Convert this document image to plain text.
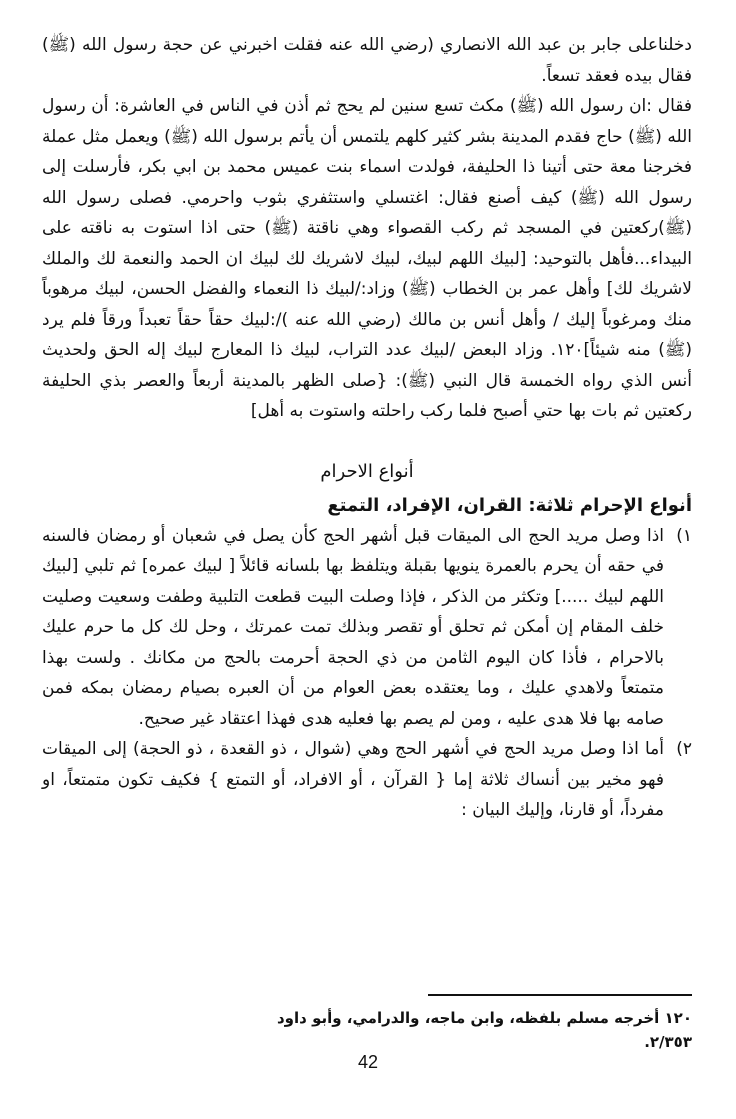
دخلناعلى جابر بن عبد الله الانصاري (رضي الله عنه فقلت اخبرني عن حجة رسول الله (ﷺ) فقال بيده فعقد تسعاً.

فقال :ان رسول الله (ﷺ) مكث تسع سنين لم يحج ثم أذن في الناس في العاشرة: أن رسول الله (ﷺ) حاج فقدم المدينة بشر كثير كلهم يلتمس أن يأتم برسول الله (ﷺ) ويعمل مثل عملة فخرجنا معة حتى أتينا ذا الحليفة، فولدت اسماء بنت عميس محمد بن ابي بكر، فأرسلت إلى رسول الله (ﷺ) كيف أصنع فقال: اغتسلي واستثفري بثوب واحرمي. فصلى رسول الله (ﷺ)ركعتين في المسجد ثم ركب القصواء وهي ناقتة (ﷺ) حتى اذا استوت به ناقته على البيداء...فأهل بالتوحيد: [لبيك اللهم لبيك، لبيك لاشريك لك لبيك ان الحمد والنعمة لك والملك لاشريك لك] وأهل عمر بن الخطاب (ﷺ) وزاد:/لبيك ذا النعماء والفضل الحسن، لبيك مرهوباً منك ومرغوباً إليك / وأهل أنس بن مالك (رضي الله عنه )/:لبيك حقاً حقاً تعبداً ورقاً فلم يرد (ﷺ) منه شيئاً]١٢٠. وزاد البعض /لبيك عدد التراب، لبيك ذا المعارج لبيك إله الحق ولحديث أنس الذي رواه الخمسة قال النبي (ﷺ): {صلى الظهر بالمدينة أربعاً والعصر بذي الحليفة ركعتين ثم بات بها حتي أصبح فلما ركب راحلته واستوت به أهل]

أنواع الاحرام

أنواع الإحرام ثلاثة: القران، الإفراد، التمتع

١)

اذا وصل مريد الحج الى الميقات قبل أشهر الحج كأن يصل في شعبان أو رمضان فالسنه في حقه أن يحرم بالعمرة ينويها بقبلة ويتلفظ بها بلسانه قائلاً [ لبيك عمره] ثم تلبي [لبيك اللهم لبيك .....] وتكثر من الذكر ، فإذا وصلت البيت قطعت التلبية وطفت وسعيت وصليت خلف المقام إن أمكن ثم تحلق أو تقصر وبذلك تمت عمرتك ، وحل لك كل ما حرم عليك بالاحرام ، فأذا كان اليوم الثامن من ذي الحجة أحرمت بالحج من مكانك . ولست بهذا متمتعاً ولاهدي عليك ، وما يعتقده بعض العوام من أن العبره بصيام رمضان بمكه فمن صامه بها فلا هدى عليه ، ومن لم يصم بها فعليه هدى فهذا اعتقاد غير صحيح.

٢)

أما اذا وصل مريد الحج في أشهر الحج وهي (شوال ، ذو القعدة ، ذو الحجة) إلى الميقات فهو مخير بين أنساك ثلاثة إما { القرآن ، أو الافراد، أو التمتع } فكيف تكون متمتعاً، او مفرداً، أو قارنا، وإليك البيان :

١٢٠ أخرجه مسلم بلفظه، وابن ماجه، والدرامي، وأبو داود ٢/٣٥٣.
42
